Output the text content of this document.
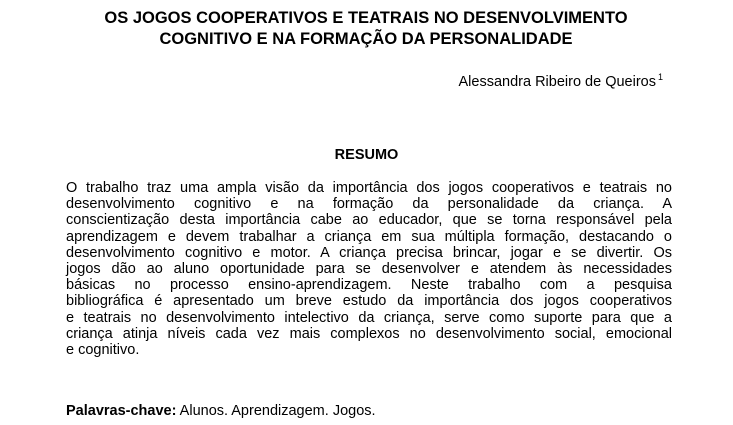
OS JOGOS COOPERATIVOS E TEATRAIS NO DESENVOLVIMENTO
COGNITIVO E NA FORMAÇÃO DA PERSONALIDADE
Alessandra Ribeiro de Queiros $^1$
RESUMO
O trabalho traz uma ampla visão da importância dos jogos cooperativos e teatrais no
desenvolvimento cognitivo e na formação da personalidade da criança. A
conscientização desta importância cabe ao educador, que se torna responsável pela
aprendizagem e devem trabalhar a criança em sua múltipla formação, destacando o
desenvolvimento cognitivo e motor. A criança precisa brincar, jogar e se divertir. Os
jogos dão ao aluno oportunidade para se desenvolver e atendem às necessidades
básicas no processo ensino-aprendizagem. Neste trabalho com a pesquisa
bibliográfica é apresentado um breve estudo da importância dos jogos cooperativos
e teatrais no desenvolvimento intelectivo da criança, serve como suporte para que a
criança atinja níveis cada vez mais complexos no desenvolvimento social, emocional
e cognitivo.
Palavras-chave: Alunos. Aprendizagem. Jogos.
